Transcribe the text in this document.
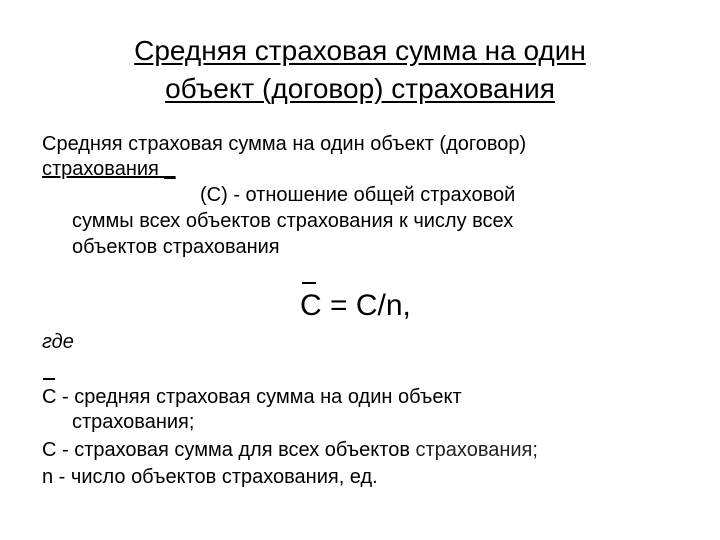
Средняя страховая сумма на один
объект (договор) страхования
Средняя страховая сумма на один объект (договор)
страхования _
(С) - отношение общей страховой
суммы всех объектов страхования к числу всех
объектов страхования
C = C/n,
где
C - средняя страховая сумма на один объект
страхования;
С - страховая сумма для всех объектов страхования;
n - число объектов страхования, ед.
